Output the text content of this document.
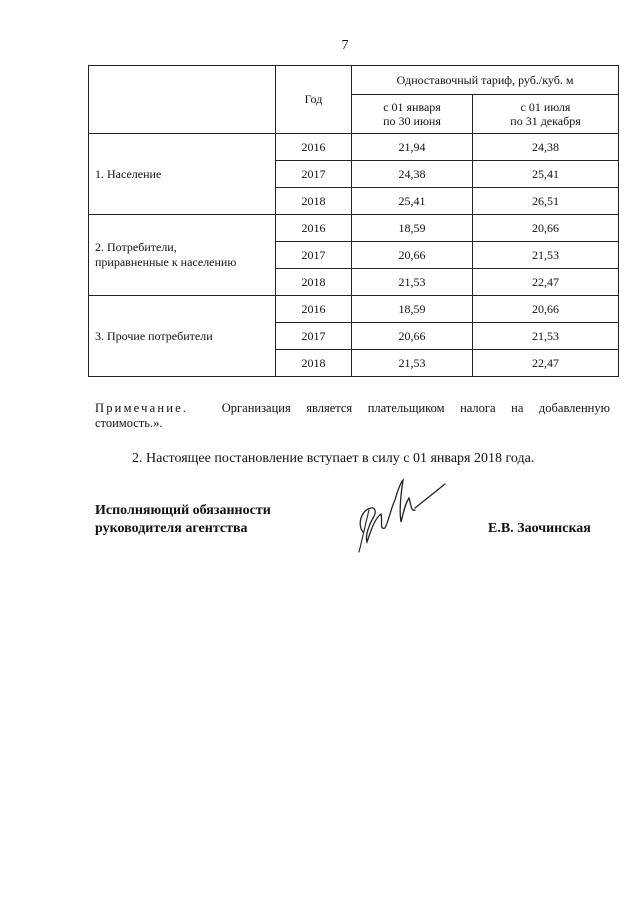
7
	Год	Одноставочный тариф, руб./куб. м	
		с 01 января
по 30 июня	с 01 июля
по 31 декабря
1. Население	2016	21,94	24,38
	2017	24,38	25,41
	2018	25,41	26,51
2. Потребители,
приравненные к населению	2016	18,59	20,66
	2017	20,66	21,53
	2018	21,53	22,47
3. Прочие потребители	2016	18,59	20,66
	2017	20,66	21,53
	2018	21,53	22,47
Примечание.	Организация является плательщиком налога на добавленную
стоимость.».
2. Настоящее постановление вступает в силу с 01 января 2018 года.
Исполняющий обязанности
руководителя агентства	Е.В. Заочинская
